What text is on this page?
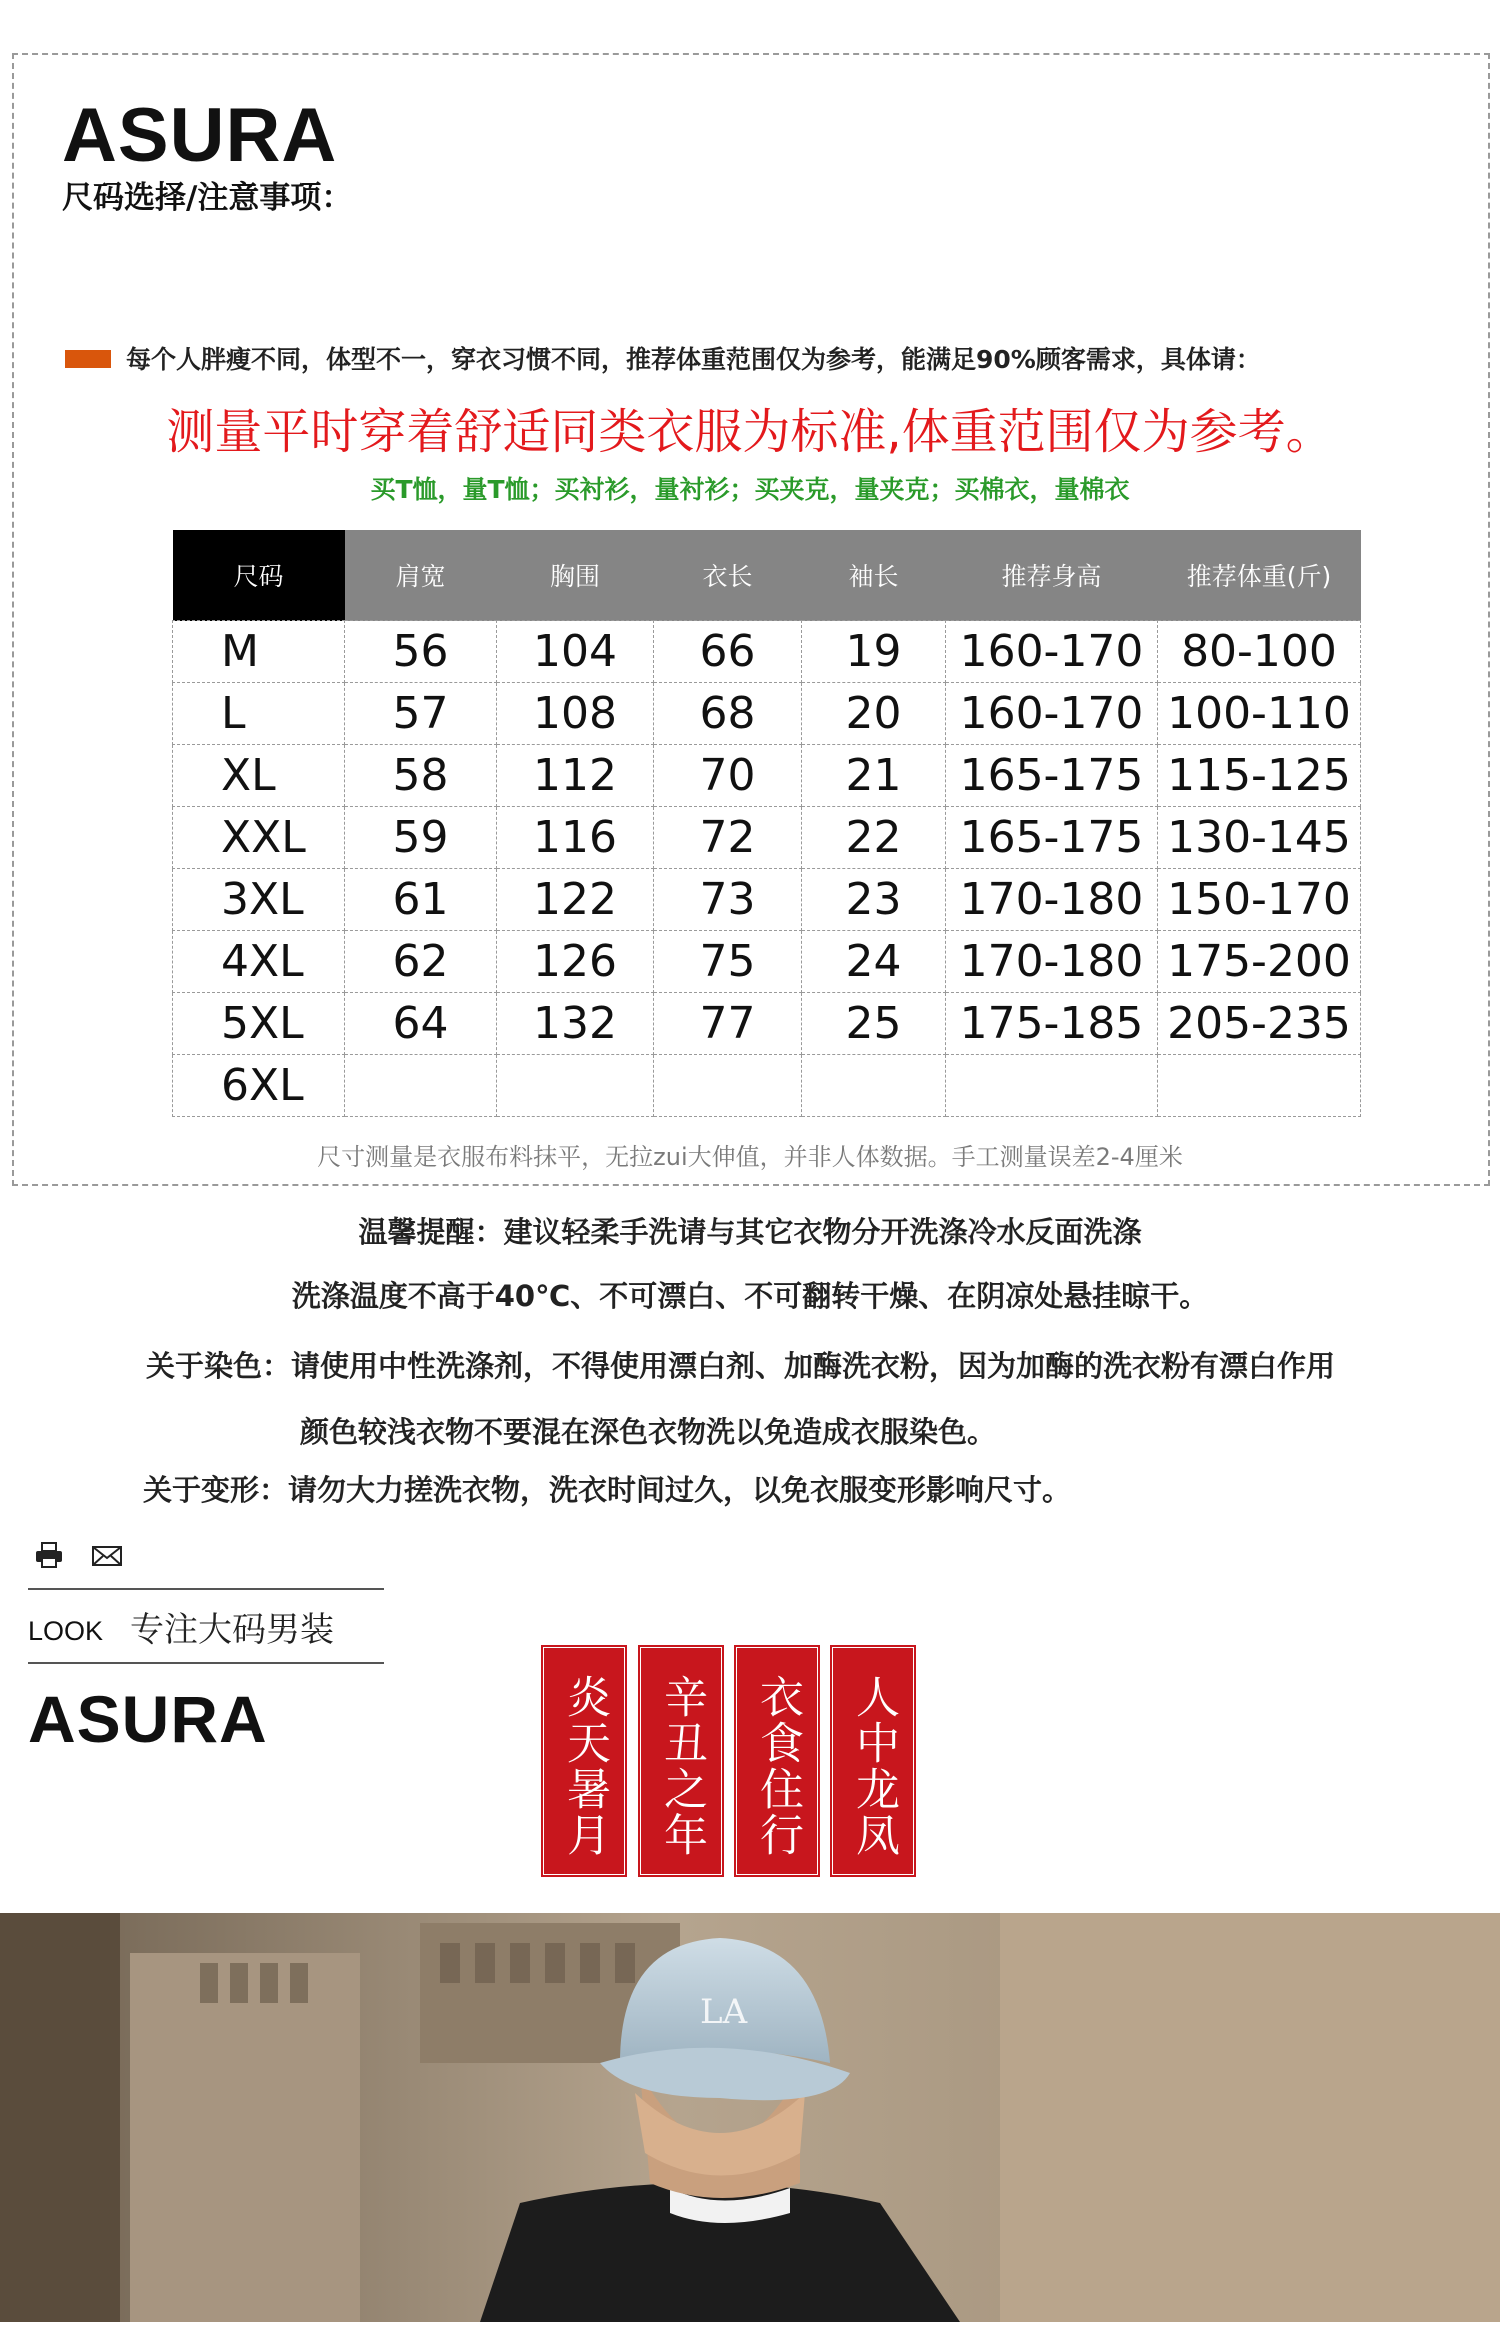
ASURA
尺码选择/注意事项：
每个人胖瘦不同，体型不一，穿衣习惯不同，推荐体重范围仅为参考，能满足90%顾客需求，具体请：
测量平时穿着舒适同类衣服为标准,体重范围仅为参考。
买T恤，量T恤；买衬衫，量衬衫；买夹克，量夹克；买棉衣，量棉衣
尺码	肩宽	胸围	衣长	袖长	推荐身高	推荐体重(斤)
M	56	104	66	19	160-170	80-100
L	57	108	68	20	160-170	100-110
XL	58	112	70	21	165-175	115-125
XXL	59	116	72	22	165-175	130-145
3XL	61	122	73	23	170-180	150-170
4XL	62	126	75	24	170-180	175-200
5XL	64	132	77	25	175-185	205-235
6XL						
尺寸测量是衣服布料抹平，无拉zui大伸值，并非人体数据。手工测量误差2-4厘米
温馨提醒：建议轻柔手洗请与其它衣物分开洗涤冷水反面洗涤
洗涤温度不高于40℃、不可漂白、不可翻转干燥、在阴凉处悬挂晾干。
关于染色：请使用中性洗涤剂，不得使用漂白剂、加酶洗衣粉，因为加酶的洗衣粉有漂白作用
颜色较浅衣物不要混在深色衣物洗以免造成衣服染色。
关于变形：请勿大力搓洗衣物，洗衣时间过久，以免衣服变形影响尺寸。
LOOK 专注大码男装
ASURA	炎天暑月	辛丑之年	衣食住行	人中龙凤
LA
